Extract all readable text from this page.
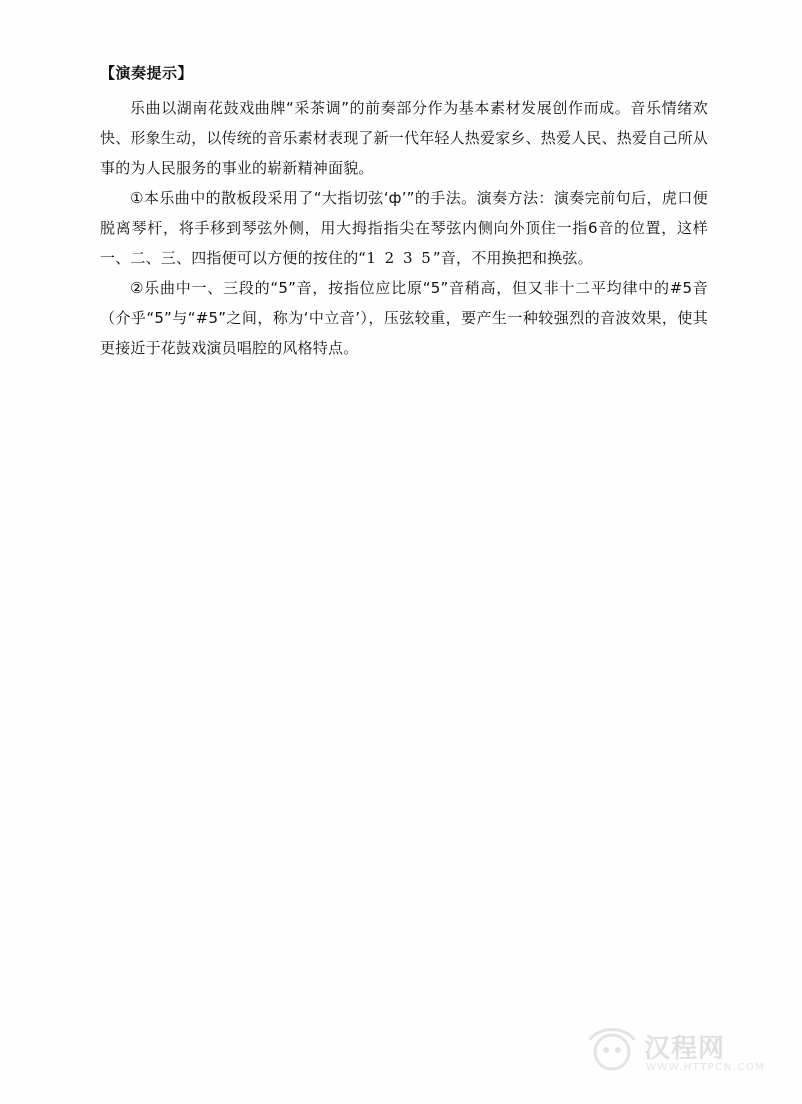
【演奏提示】

乐曲以湖南花鼓戏曲牌“采茶调”的前奏部分作为基本素材发展创作而成。音乐情绪欢快、形象生动，以传统的音乐素材表现了新一代年轻人热爱家乡、热爱人民、热爱自己所从事的为人民服务的事业的崭新精神面貌。

①本乐曲中的散板段采用了“大指切弦‘ф’”的手法。演奏方法：演奏完前句后，虎口便脱离琴杆，将手移到琴弦外侧，用大拇指指尖在琴弦内侧向外顶住一指6音的位置，这样一、二、三、四指便可以方便的按住的“1 2 3 5”音，不用换把和换弦。

②乐曲中一、三段的“5”音，按指位应比原“5”音稍高，但又非十二平均律中的#5音（介乎“5”与“#5”之间，称为‘中立音’），压弦较重，要产生一种较强烈的音波效果，使其更接近于花鼓戏演员唱腔的风格特点。

汉程网
WWW.HTTPCN.COM
